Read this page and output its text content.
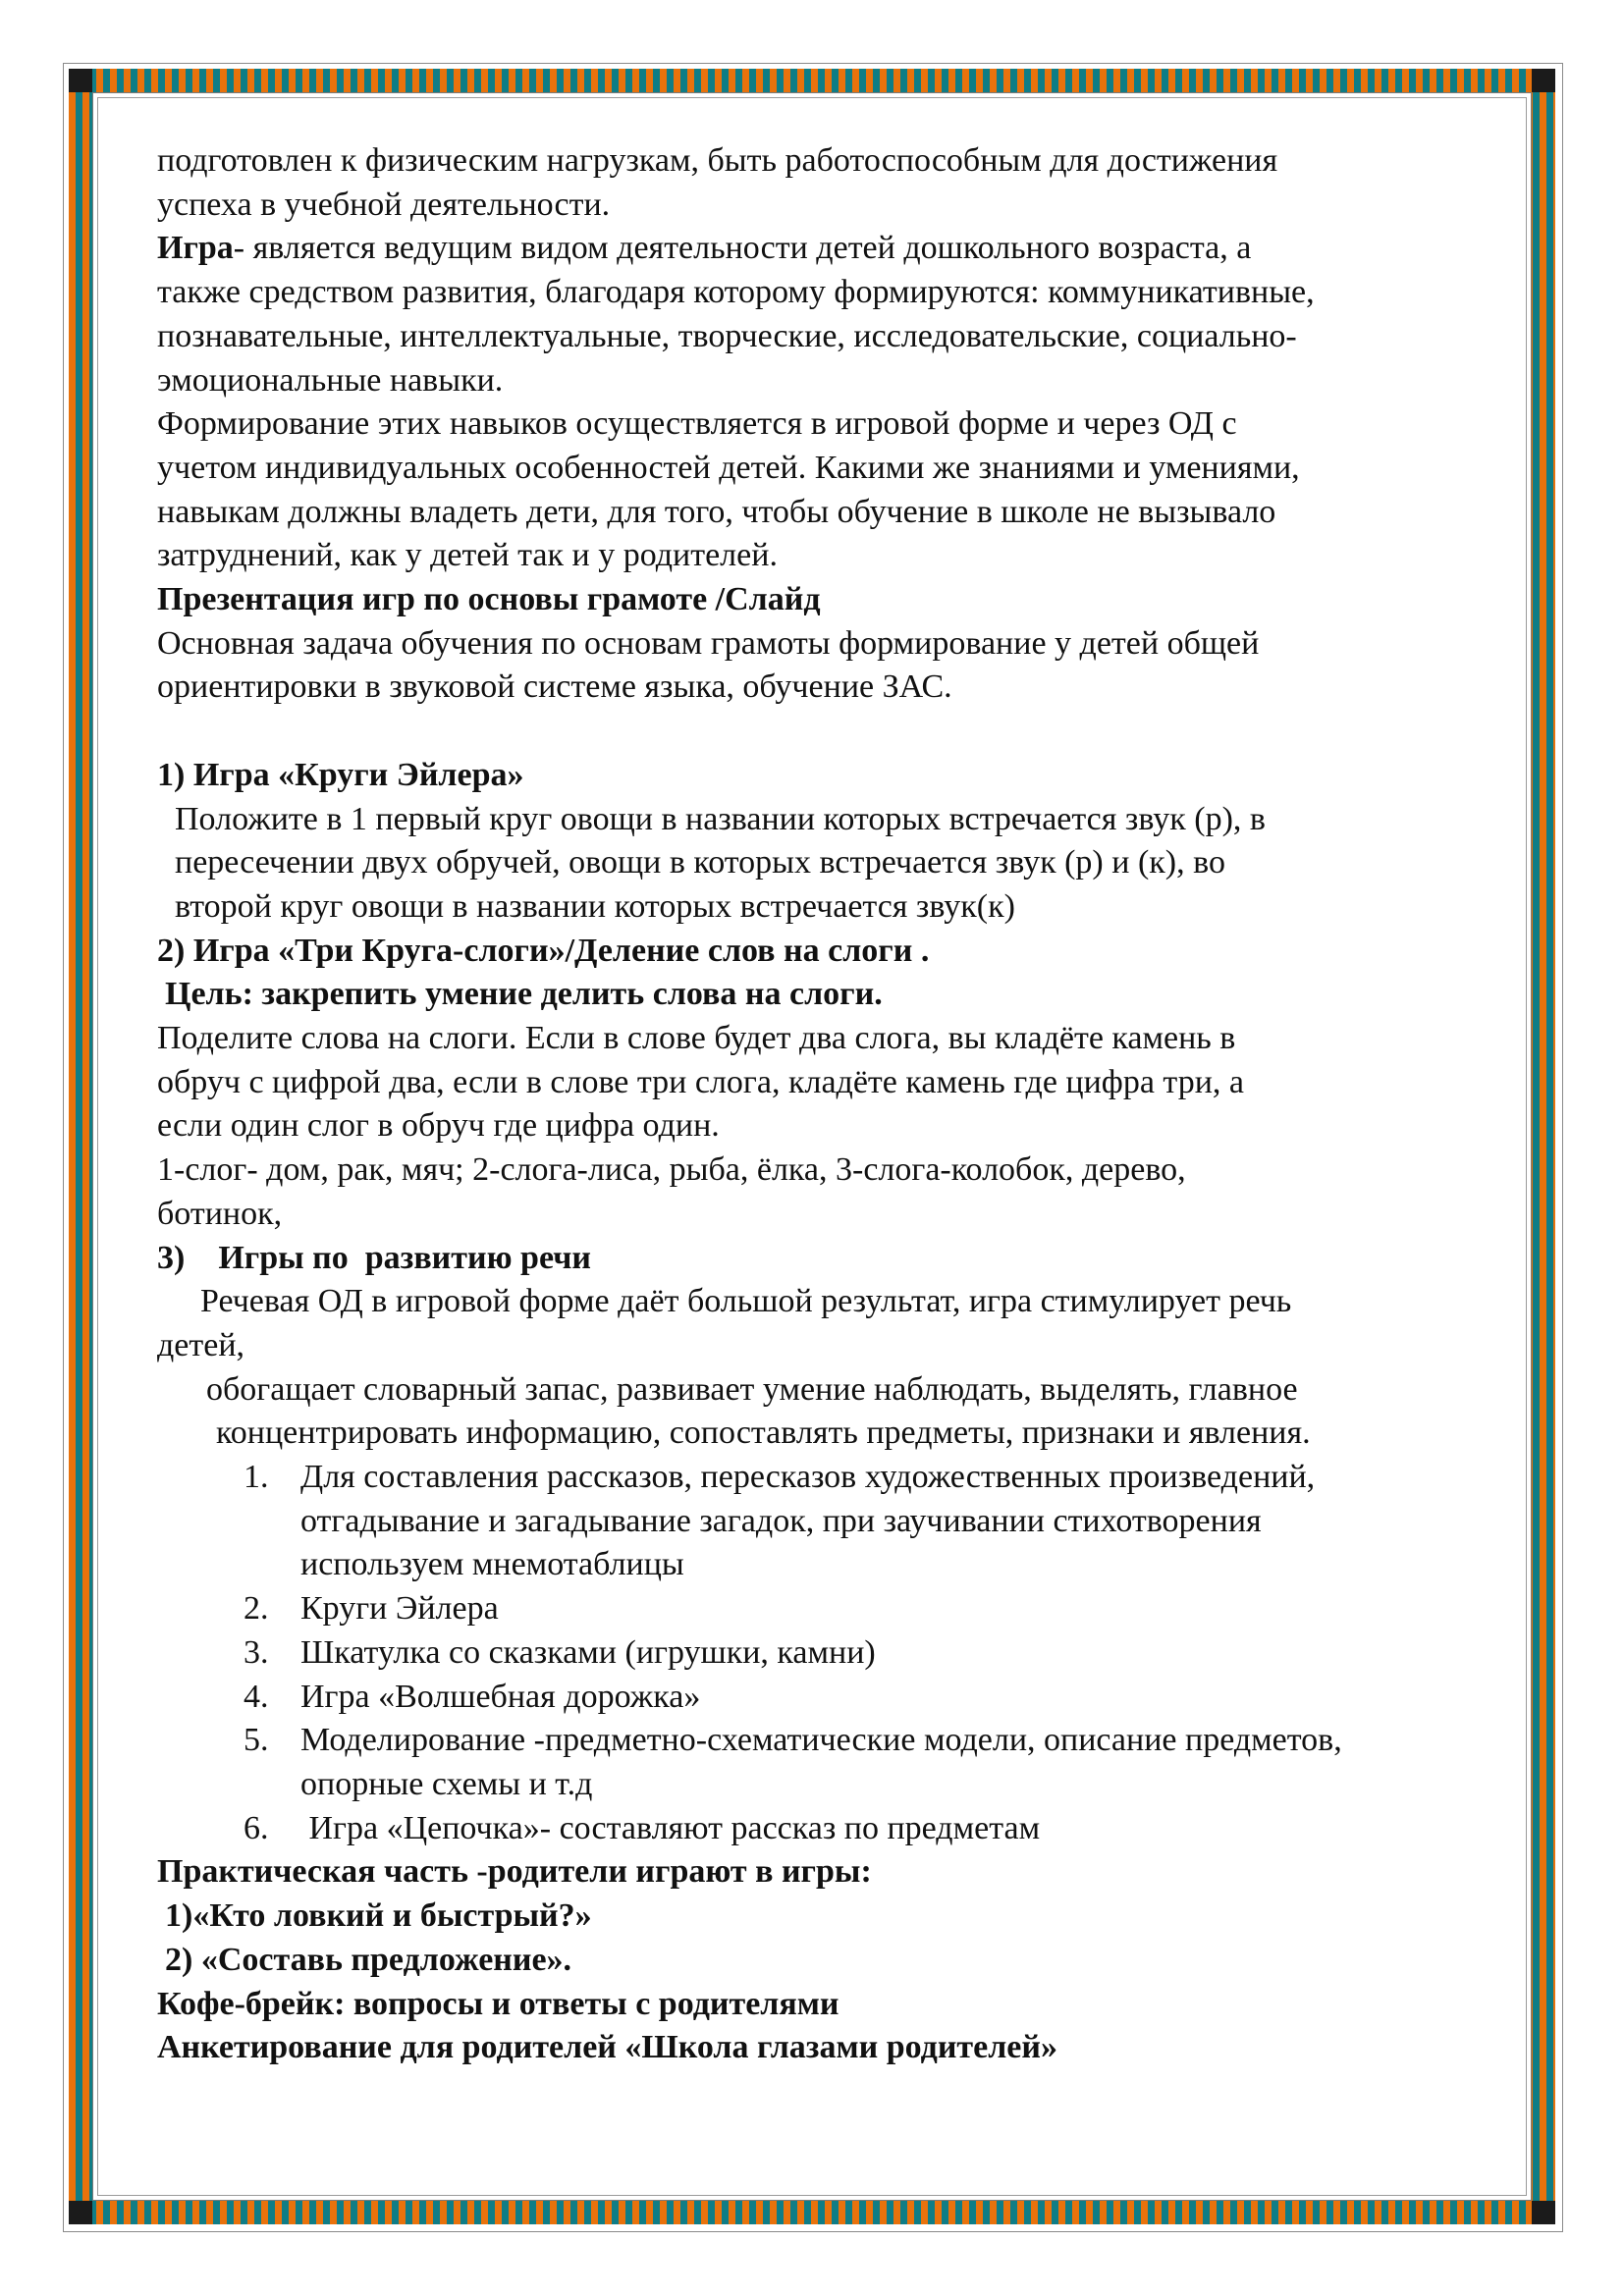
подготовлен к физическим нагрузкам, быть работоспособным для достижения

успеха в учебной деятельности.

Игра- является ведущим видом деятельности детей дошкольного возраста, а

также средством развития, благодаря которому формируются: коммуникативные,

познавательные, интеллектуальные, творческие, исследовательские, социально-

эмоциональные навыки.

Формирование этих навыков осуществляется в игровой форме и через ОД с

учетом индивидуальных особенностей детей. Какими же знаниями и умениями,

навыкам должны владеть дети, для того, чтобы обучение в школе не вызывало

затруднений, как у детей так и у родителей.

Презентация игр по основы грамоте /Слайд

Основная задача обучения по основам грамоты формирование у детей общей

ориентировки в звуковой системе языка, обучение ЗАС.

1) Игра «Круги Эйлера»

Положите в 1 первый круг овощи в названии которых встречается звук (р), в

пересечении двух обручей, овощи в которых встречается звук (р) и (к), во

второй круг овощи в названии которых встречается звук(к)

2) Игра «Три Круга-слоги»/Деление слов на слоги .

Цель: закрепить умение делить слова на слоги.

Поделите слова на слоги. Если в слове будет два слога, вы кладёте камень в

обруч с цифрой два, если в слове три слога, кладёте камень где цифра три, а

если один слог в обруч где цифра один.

1-слог- дом, рак, мяч; 2-слога-лиса, рыба, ёлка, 3-слога-колобок, дерево,

ботинок,

3)    Игры по  развитию речи

Речевая ОД в игровой форме даёт большой результат, игра стимулирует речь

детей,

обогащает словарный запас, развивает умение наблюдать, выделять, главное

концентрировать информацию, сопоставлять предметы, признаки и явления.

1. Для составления рассказов, пересказов художественных произведений,
отгадывание и загадывание загадок, при заучивании стихотворения
используем мнемотаблицы
2. Круги Эйлера
3. Шкатулка со сказками (игрушки, камни)
4. Игра «Волшебная дорожка»
5. Моделирование -предметно-схематические модели, описание предметов,
опорные схемы и т.д
6. Игра «Цепочка»- составляют рассказ по предметам

Практическая часть -родители играют в игры:

1)«Кто ловкий и быстрый?»

2) «Составь предложение».

Кофе-брейк: вопросы и ответы с родителями

Анкетирование для родителей «Школа глазами родителей»
